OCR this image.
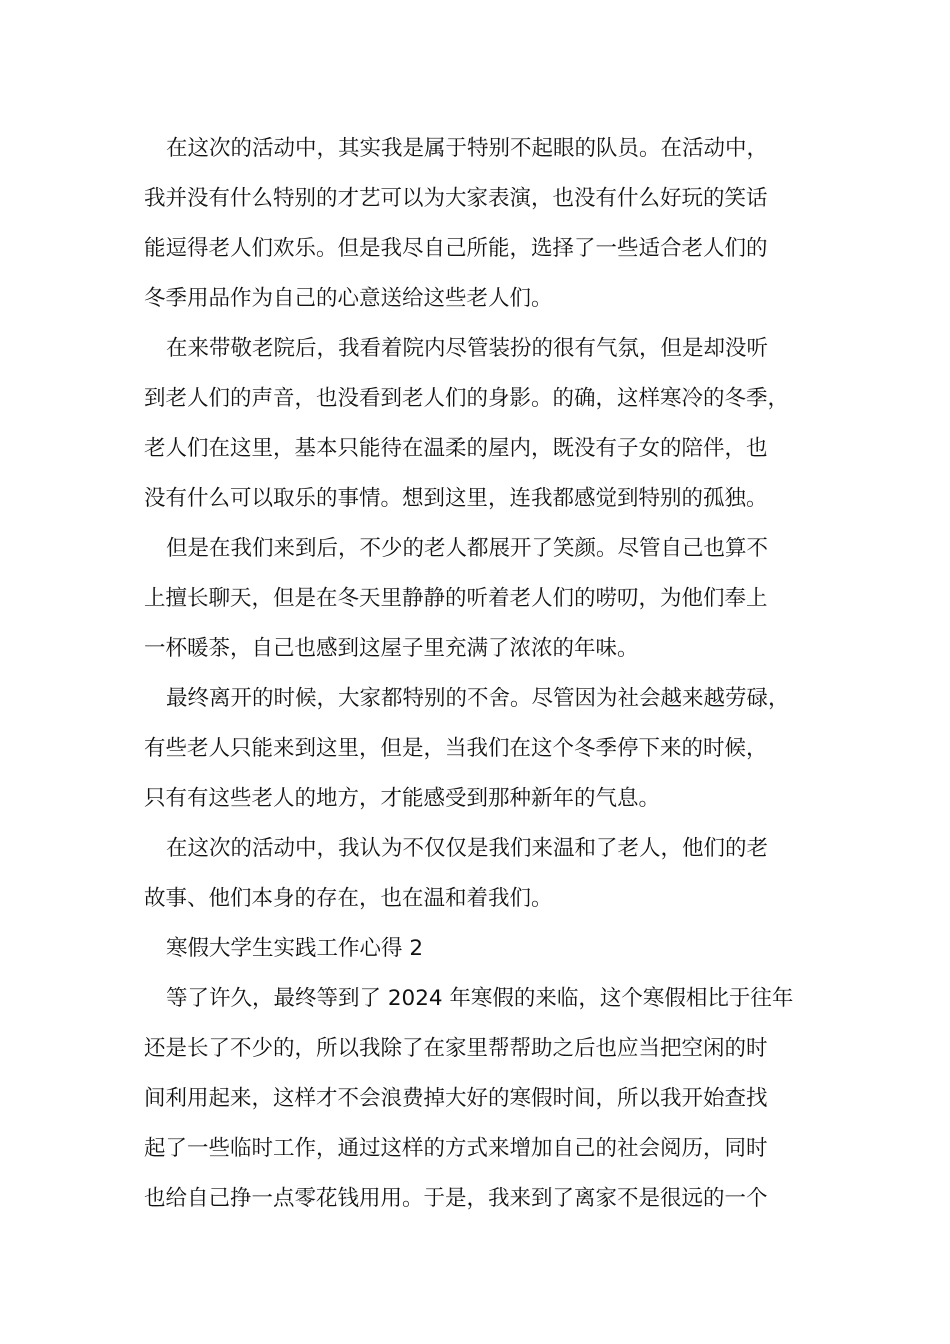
在这次的活动中，其实我是属于特别不起眼的队员。在活动中，
我并没有什么特别的才艺可以为大家表演，也没有什么好玩的笑话
能逗得老人们欢乐。但是我尽自己所能，选择了一些适合老人们的
冬季用品作为自己的心意送给这些老人们。
在来带敬老院后，我看着院内尽管装扮的很有气氛，但是却没听
到老人们的声音，也没看到老人们的身影。的确，这样寒冷的冬季，
老人们在这里，基本只能待在温柔的屋内，既没有子女的陪伴，也
没有什么可以取乐的事情。想到这里，连我都感觉到特别的孤独。
但是在我们来到后，不少的老人都展开了笑颜。尽管自己也算不
上擅长聊天，但是在冬天里静静的听着老人们的唠叨，为他们奉上
一杯暖茶，自己也感到这屋子里充满了浓浓的年味。
最终离开的时候，大家都特别的不舍。尽管因为社会越来越劳碌，
有些老人只能来到这里，但是，当我们在这个冬季停下来的时候，
只有有这些老人的地方，才能感受到那种新年的气息。
在这次的活动中，我认为不仅仅是我们来温和了老人，他们的老
故事、他们本身的存在，也在温和着我们。
寒假大学生实践工作心得 2
等了许久，最终等到了 2024 年寒假的来临，这个寒假相比于往年
还是长了不少的，所以我除了在家里帮帮助之后也应当把空闲的时
间利用起来，这样才不会浪费掉大好的寒假时间，所以我开始查找
起了一些临时工作，通过这样的方式来增加自己的社会阅历，同时
也给自己挣一点零花钱用用。于是，我来到了离家不是很远的一个
